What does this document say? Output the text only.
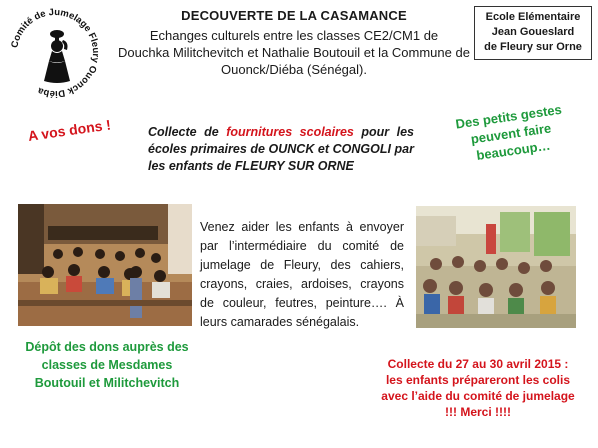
Comité de Jumelage Fleury Ouonck Diéba
DECOUVERTE DE LA CASAMANCE
Echanges culturels entre les classes CE2/CM1 de
Douchka Militchevitch et Nathalie Boutouil et la Commune de
Ouonck/Diéba (Sénégal).
Ecole Elémentaire
Jean Goueslard
de Fleury sur Orne
A vos dons !	Des petits gestes peuvent faire beaucoup…
Collecte de fournitures scolaires pour les écoles primaires de OUNCK et CONGOLI par les enfants de FLEURY SUR ORNE
Venez aider les enfants à envoyer par l’intermédiaire du comité de jumelage de Fleury, des cahiers, crayons, craies, ardoises, crayons de couleur, feutres, peinture…. À leurs camarades sénégalais.
Dépôt des dons auprès des classes de Mesdames Boutouil et Militchevitch
Collecte du 27 au 30 avril 2015 :
les enfants prépareront les colis
avec l’aide du comité de jumelage
!!! Merci !!!!
